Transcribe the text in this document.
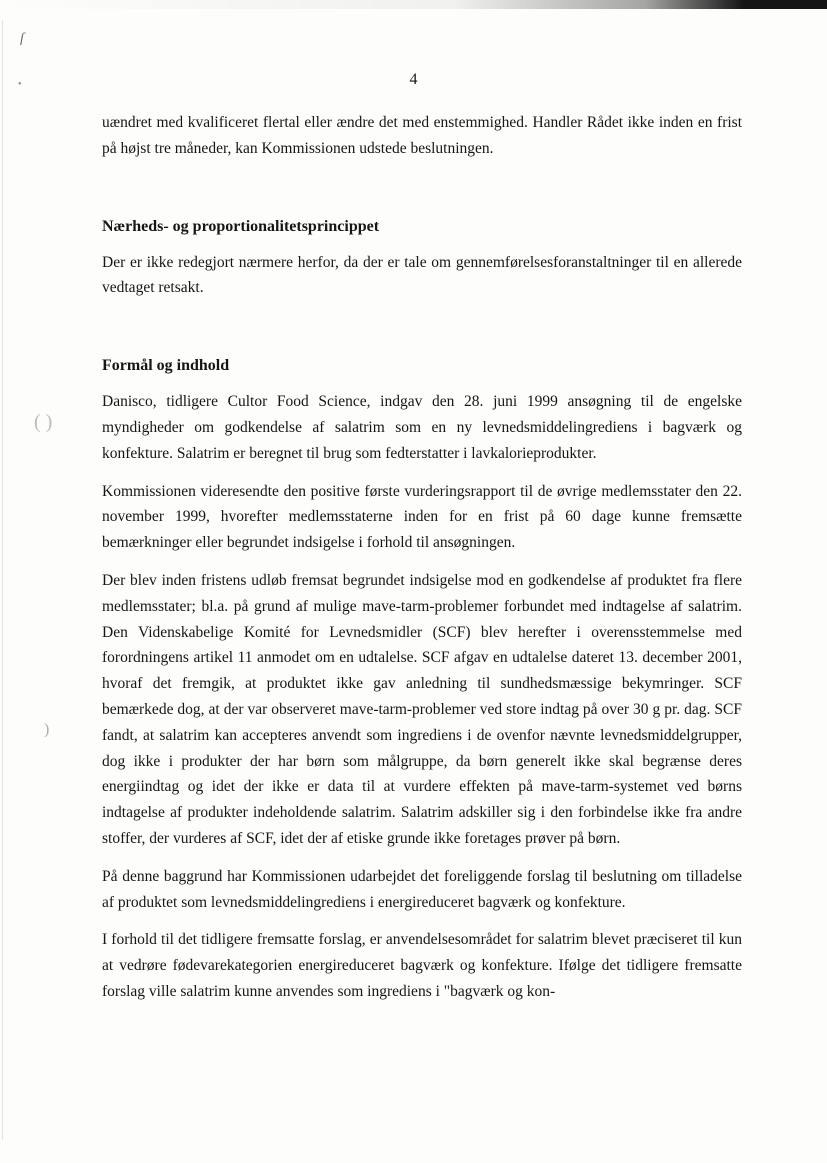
ſ
•
( )
)
4

uændret med kvalificeret flertal eller ændre det med enstemmighed. Handler Rådet ikke inden en frist på højst tre måneder, kan Kommissionen udstede beslutningen.

Nærheds- og proportionalitetsprincippet

Der er ikke redegjort nærmere herfor, da der er tale om gennemførelsesforanstaltninger til en allerede vedtaget retsakt.

Formål og indhold

Danisco, tidligere Cultor Food Science, indgav den 28. juni 1999 ansøgning til de engelske myndigheder om godkendelse af salatrim som en ny levnedsmiddelingrediens i bagværk og konfekture. Salatrim er beregnet til brug som fedterstatter i lavkalorieprodukter.

Kommissionen videresendte den positive første vurderingsrapport til de øvrige medlemsstater den 22. november 1999, hvorefter medlemsstaterne inden for en frist på 60 dage kunne fremsætte bemærkninger eller begrundet indsigelse i forhold til ansøgningen.

Der blev inden fristens udløb fremsat begrundet indsigelse mod en godkendelse af produktet fra flere medlemsstater; bl.a. på grund af mulige mave-tarm-problemer forbundet med indtagelse af salatrim. Den Videnskabelige Komité for Levnedsmidler (SCF) blev herefter i overensstemmelse med forordningens artikel 11 anmodet om en udtalelse. SCF afgav en udtalelse dateret 13. december 2001, hvoraf det fremgik, at produktet ikke gav anledning til sundhedsmæssige bekymringer. SCF bemærkede dog, at der var observeret mave-tarm-problemer ved store indtag på over 30 g pr. dag. SCF fandt, at salatrim kan accepteres anvendt som ingrediens i de ovenfor nævnte levnedsmiddelgrupper, dog ikke i produkter der har børn som målgruppe, da børn generelt ikke skal begrænse deres energiindtag og idet der ikke er data til at vurdere effekten på mave-tarm-systemet ved børns indtagelse af produkter indeholdende salatrim. Salatrim adskiller sig i den forbindelse ikke fra andre stoffer, der vurderes af SCF, idet der af etiske grunde ikke foretages prøver på børn.

På denne baggrund har Kommissionen udarbejdet det foreliggende forslag til beslutning om tilladelse af produktet som levnedsmiddelingrediens i energireduceret bagværk og konfekture.

I forhold til det tidligere fremsatte forslag, er anvendelsesområdet for salatrim blevet præciseret til kun at vedrøre fødevarekategorien energireduceret bagværk og konfekture. Ifølge det tidligere fremsatte forslag ville salatrim kunne anvendes som ingrediens i "bagværk og kon-
